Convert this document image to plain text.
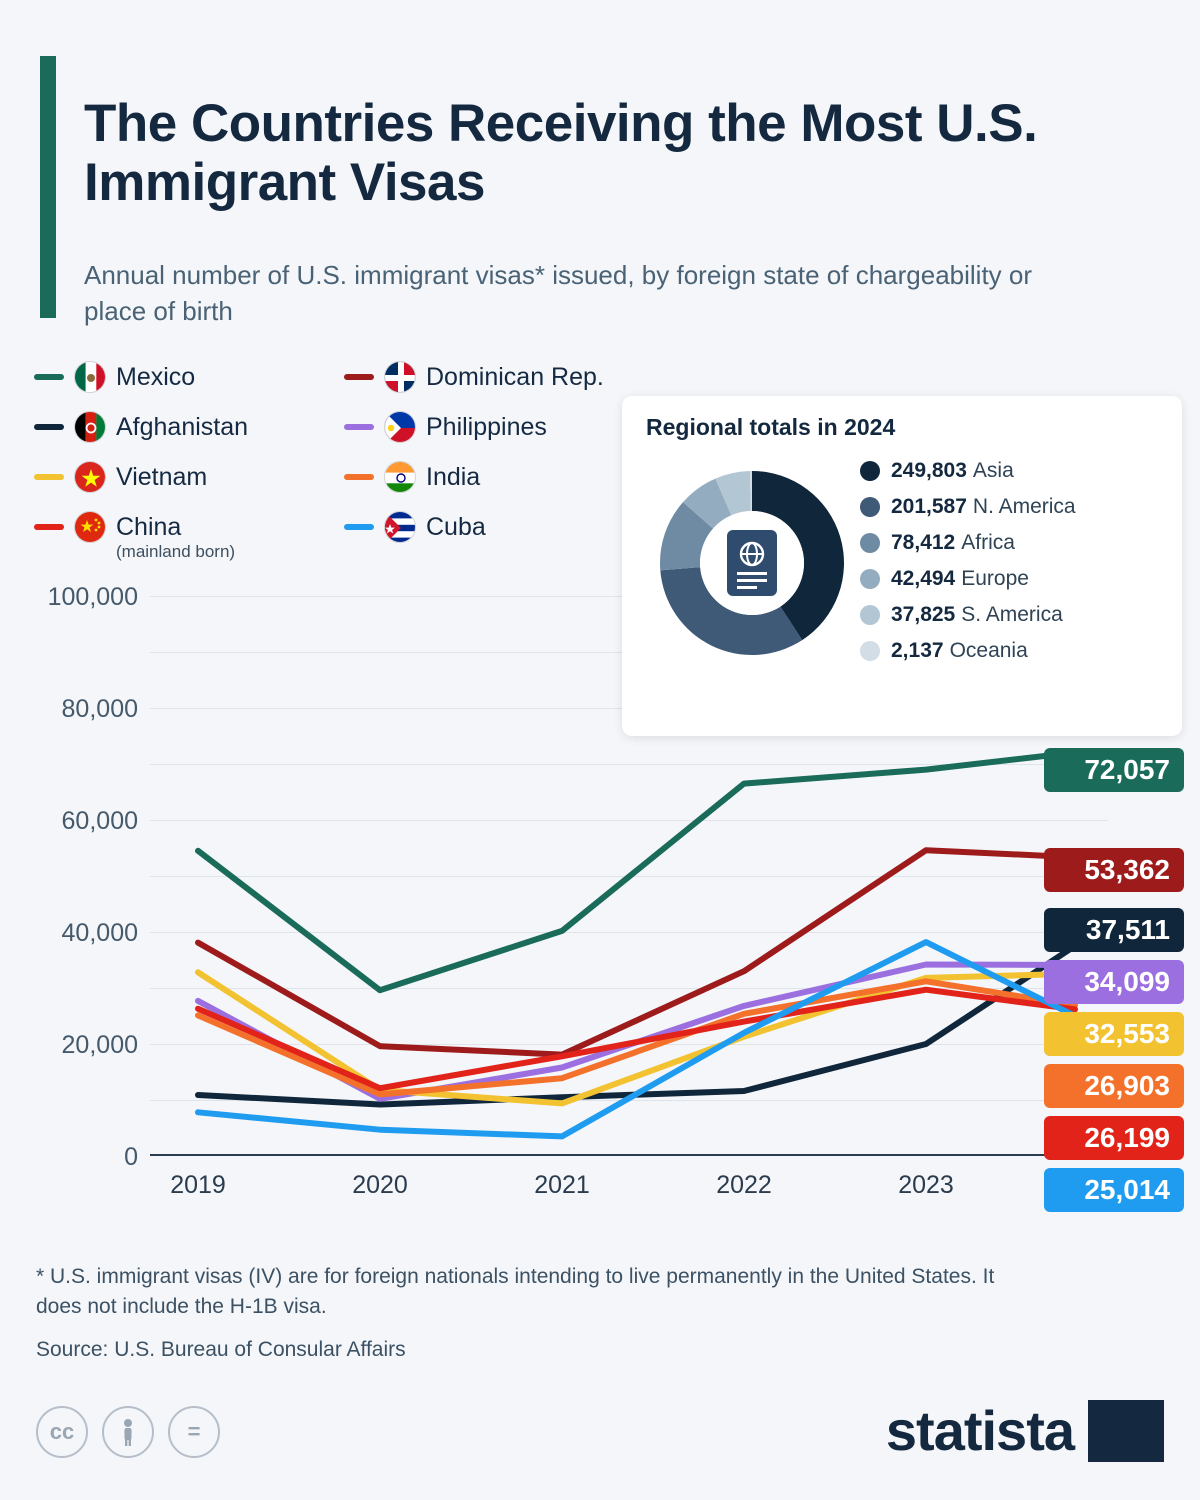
The Countries Receiving the Most U.S. Immigrant Visas

Annual number of U.S. immigrant visas* issued, by foreign state of chargeability or place of birth

Mexico
Afghanistan
Vietnam
China
(mainland born)
Dominican Rep.
Philippines
India
Cuba
100,000
80,000
60,000
40,000
20,000
0
2019	2020	2021	2022	2023
72,057
53,362
37,511
34,099
32,553
26,903
26,199
25,014
Regional totals in 2024
249,803 Asia
201,587 N. America
78,412 Africa
42,494 Europe
37,825 S. America
2,137 Oceania
* U.S. immigrant visas (IV) are for foreign nationals intending to live permanently in the United States. It does not include the H-1B visa.
Source: U.S. Bureau of Consular Affairs
cc	=	statista
